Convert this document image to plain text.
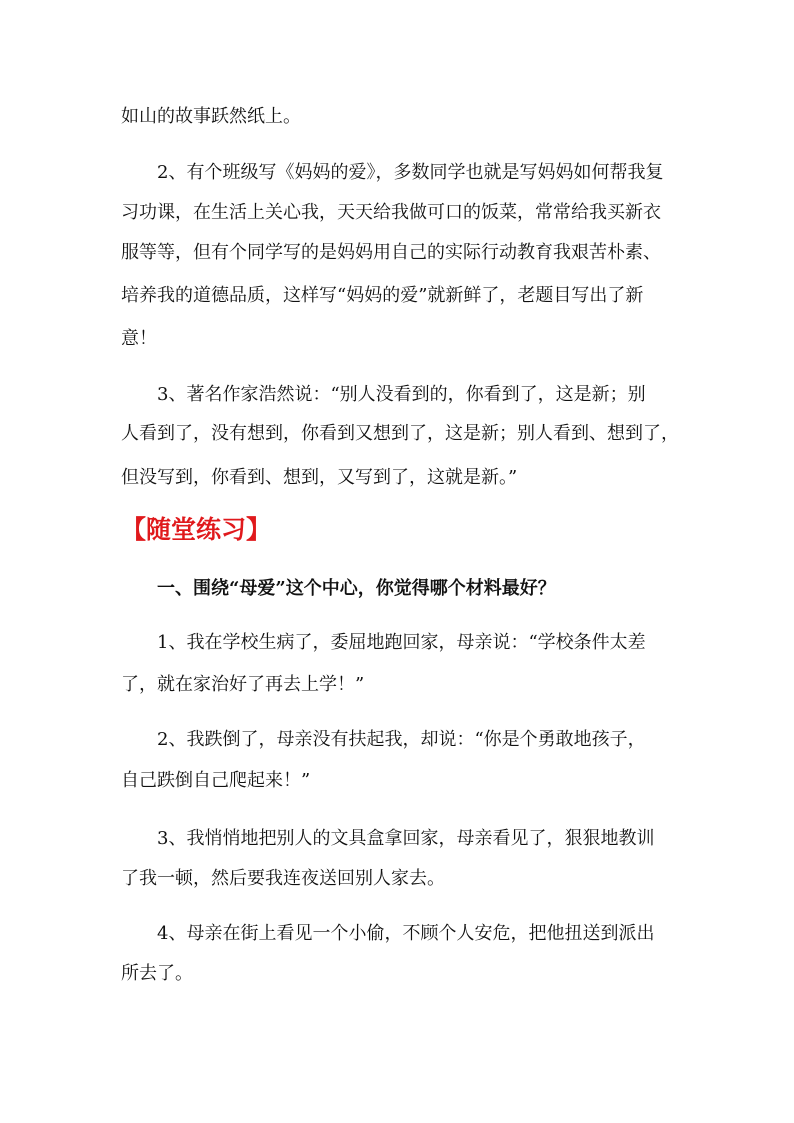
如山的故事跃然纸上。
2、有个班级写《妈妈的爱》，多数同学也就是写妈妈如何帮我复
习功课，在生活上关心我，天天给我做可口的饭菜，常常给我买新衣
服等等，但有个同学写的是妈妈用自己的实际行动教育我艰苦朴素、
培养我的道德品质，这样写“妈妈的爱”就新鲜了，老题目写出了新
意！
3、著名作家浩然说：“别人没看到的，你看到了，这是新；别
人看到了，没有想到，你看到又想到了，这是新；别人看到、想到了，
但没写到，你看到、想到，又写到了，这就是新。”
【随堂练习】
一、围绕“母爱”这个中心，你觉得哪个材料最好？
1、我在学校生病了，委屈地跑回家，母亲说：“学校条件太差
了，就在家治好了再去上学！”
2、我跌倒了，母亲没有扶起我，却说：“你是个勇敢地孩子，
自己跌倒自己爬起来！”
3、我悄悄地把别人的文具盒拿回家，母亲看见了，狠狠地教训
了我一顿，然后要我连夜送回别人家去。
4、母亲在街上看见一个小偷，不顾个人安危，把他扭送到派出
所去了。
